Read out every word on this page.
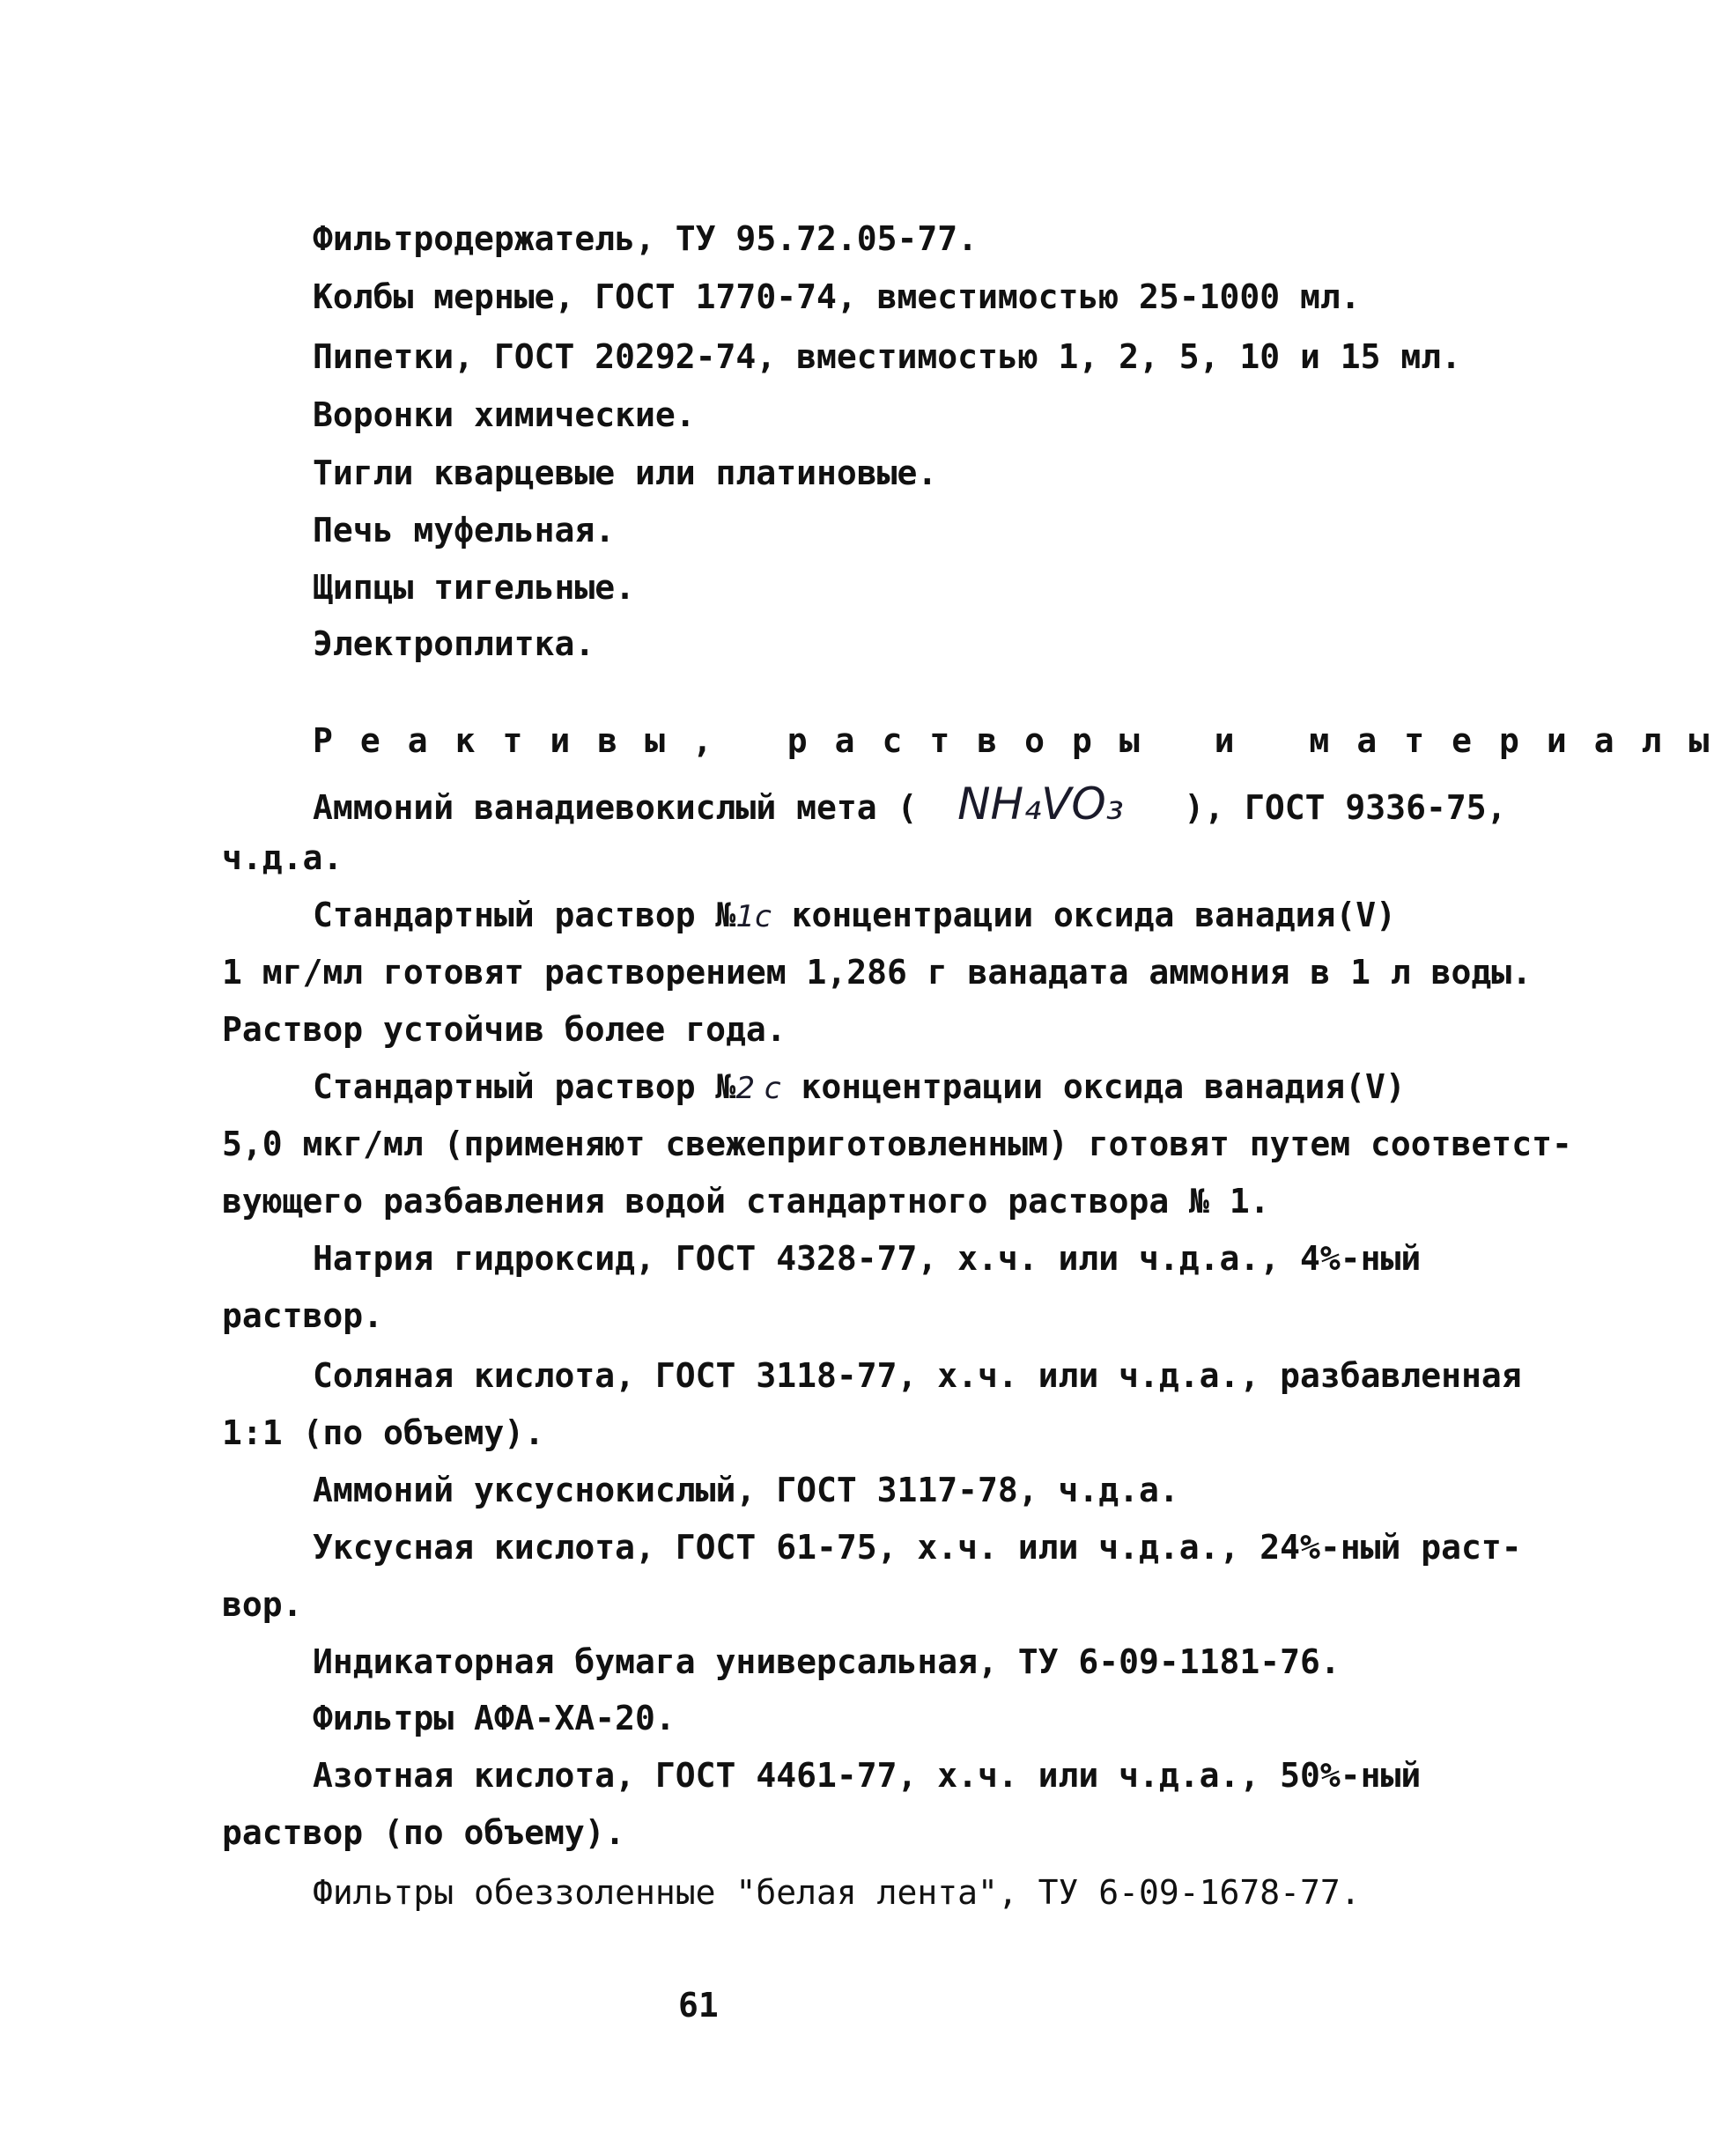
Фильтродержатель, ТУ 95.72.05-77.
Колбы мерные, ГОСТ 1770-74, вместимостью 25-1000 мл.
Пипетки, ГОСТ 20292-74, вместимостью 1, 2, 5, 10 и 15 мл.
Воронки химические.
Тигли кварцевые или платиновые.
Печь муфельная.
Щипцы тигельные.
Электроплитка.
Реактивы, растворы и материалы
Аммоний ванадиевокислый мета ( NH₄VO₃ ), ГОСТ 9336-75,
ч.д.а.
Стандартный раствор №1с концентрации оксида ванадия(V)
1 мг/мл готовят растворением 1,286 г ванадата аммония в 1 л воды.
Раствор устойчив более года.
Стандартный раствор №2 с концентрации оксида ванадия(V)
5,0 мкг/мл (применяют свежеприготовленным) готовят путем соответст-
вующего разбавления водой стандартного раствора № 1.
Натрия гидроксид, ГОСТ 4328-77, х.ч. или ч.д.а., 4%-ный
раствор.
Соляная кислота, ГОСТ 3118-77, х.ч. или ч.д.а., разбавленная
1:1 (по объему).
Аммоний уксуснокислый, ГОСТ 3117-78, ч.д.а.
Уксусная кислота, ГОСТ 61-75, х.ч. или ч.д.а., 24%-ный раст-
вор.
Индикаторная бумага универсальная, ТУ 6-09-1181-76.
Фильтры АФА-ХА-20.
Азотная кислота, ГОСТ 4461-77, х.ч. или ч.д.а., 50%-ный
раствор (по объему).
Фильтры обеззоленные "белая лента", ТУ 6-09-1678-77.
61
